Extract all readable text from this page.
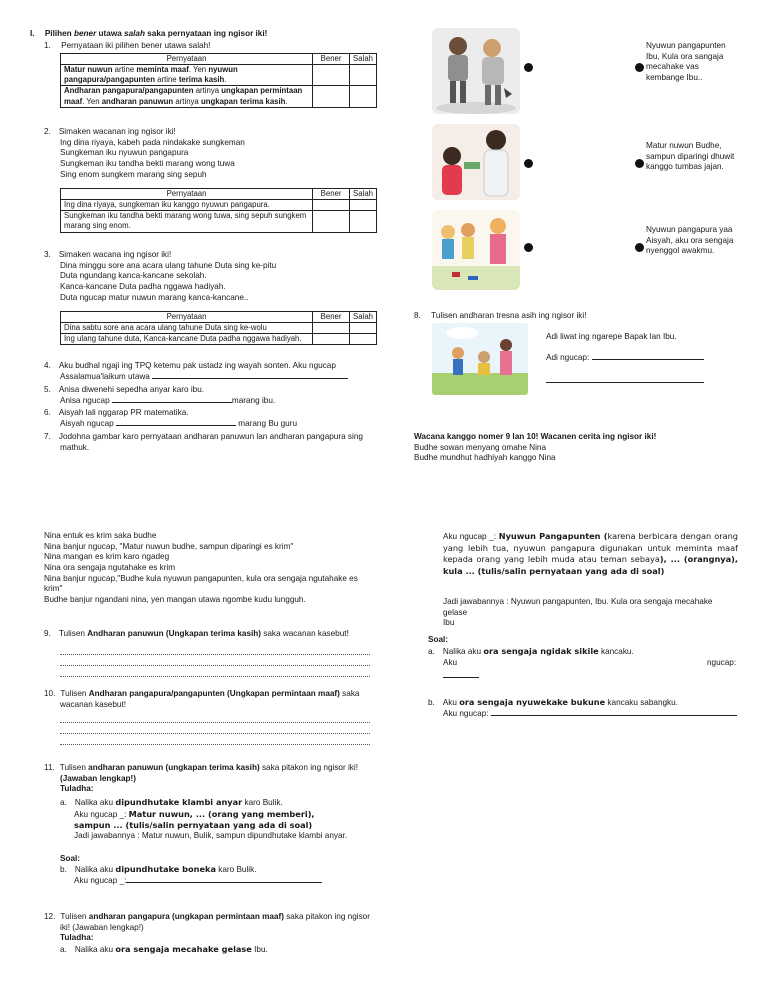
I. Pilihen bener utawa salah saka pernyataan ing ngisor iki!
1. Pernyataan iki pilihen bener utawa salah!
Pernyataan	Bener	Salah
Matur nuwun artine meminta maaf. Yen nyuwun pangapura/pangapunten artine terima kasih.		
Andharan pangapura/pangapunten artinya ungkapan permintaan maaf. Yen andharan panuwun artinya ungkapan terima kasih.		
2. Simaken wacanan ing ngisor iki!
Ing dina riyaya, kabeh pada nindakake sungkeman
Sungkeman iku nyuwun pangapura
Sungkeman iku tandha bekti marang wong tuwa
Sing enom sungkem marang sing sepuh
Pernyataan	Bener	Salah
Ing dina riyaya, sungkeman iku kanggo nyuwun pangapura.		
Sungkeman iku tandha bekti marang wong tuwa, sing sepuh sungkem marang sing enom.		
3. Simaken wacana ing ngisor iki!
Dina minggu sore ana acara ulang tahune Duta sing ke-pitu
Duta ngundang kanca-kancane sekolah.
Kanca-kancane Duta padha nggawa hadiyah.
Duta ngucap matur nuwun marang kanca-kancane..
Pernyataan	Bener	Salah
Dina sabtu sore ana acara ulang tahune Duta sing ke-wolu		
Ing ulang tahune duta, Kanca-kancane Duta padha nggawa hadiyah.		
4. Aku budhal ngaji ing TPQ ketemu pak ustadz ing wayah sonten. Aku ngucap
Assalamua'laikum utawa
5. Anisa diwenehi sepedha anyar karo ibu.
Anisa ngucap	marang ibu.
6. Aisyah lali nggarap PR matematika.
Aisyah ngucap	marang Bu guru
7. Jodohna gambar karo pernyataan andharan panuwun lan andharan pangapura sing
mathuk.
Nyuwun pangapunten Ibu, Kula ora sangaja mecahake vas kembange Ibu..
Matur nuwun Budhe, sampun diparingi dhuwit kanggo tumbas jajan.
Nyuwun pangapura yaa Aisyah, aku ora sengaja nyenggol awakmu.
8. Tulisen andharan tresna asih ing ngisor iki!
Adi liwat ing ngarepe Bapak lan Ibu.
Adi ngucap:
Wacana kanggo nomer 9 lan 10! Wacanen cerita ing ngisor iki!
Budhe sowan menyang omahe Nina
Budhe mundhut hadhiyah kanggo Nina
Nina entuk es krim saka budhe
Nina banjur ngucap, "Matur nuwun budhe, sampun diparingi es krim"
Nina mangan es krim karo ngadeg
Nina ora sengaja ngutahake es krim
Nina banjur ngucap,"Budhe kula nyuwun pangapunten, kula ora sengaja ngutahake es
krim"
Budhe banjur ngandani nina, yen mangan utawa ngombe kudu lungguh.
9. Tulisen Andharan panuwun (Ungkapan terima kasih) saka wacanan kasebut!
10. Tulisen Andharan pangapura/pangapunten (Ungkapan permintaan maaf) saka
wacanan kasebut!
11. Tulisen andharan panuwun (ungkapan terima kasih) saka pitakon ing ngisor iki!
(Jawaban lengkap!)
Tuladha:
a. Nalika aku dipundhutake klambi anyar karo Bulik.
Aku ngucap _: Matur nuwun, ... (orang yang memberi),
sampun ... (tulis/salin pernyataan yang ada di soal)
Jadi jawabannya : Matur nuwun, Bulik, sampun dipundhutake klambi anyar.
Soal:
b. Nalika aku dipundhutake boneka karo Bulik.
Aku ngucap _:
12. Tulisen andharan pangapura (ungkapan permintaan maaf) saka pitakon ing ngisor
iki! (Jawaban lengkap!)
Tuladha:
a. Nalika aku ora sengaja mecahake gelase Ibu.
Aku ngucap _: Nyuwun Pangapunten (karena berbicara dengan orang yang lebih tua, nyuwun pangapura digunakan untuk meminta maaf kepada orang yang lebih muda atau teman sebaya), ... (orangnya), kula ... (tulis/salin pernyataan yang ada di soal)
Jadi jawabannya : Nyuwun pangapunten, Ibu. Kula ora sengaja mecahake gelase
Ibu
Soal:
a. Nalika aku ora sengaja ngidak sikile kancaku.
Aku	ngucap:
b. Aku ora sengaja nyuwekake bukune kancaku sabangku.
Aku ngucap:
